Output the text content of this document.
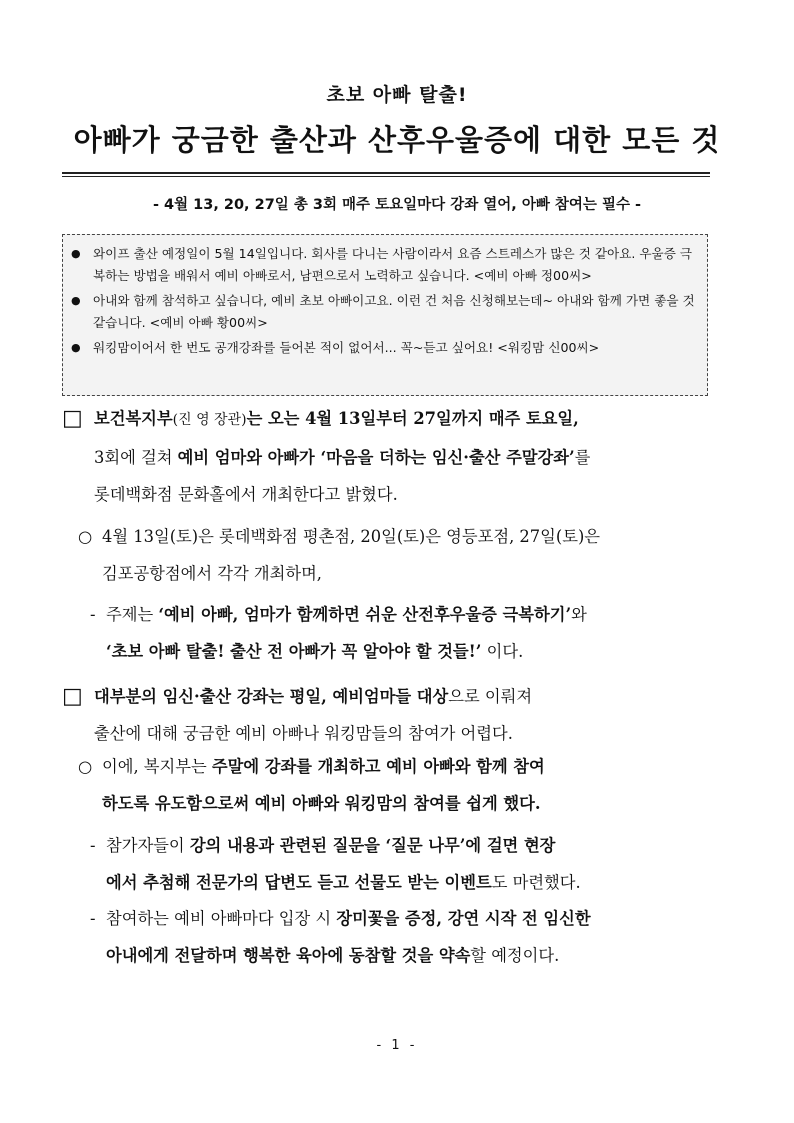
초보 아빠 탈출!
아빠가 궁금한 출산과 산후우울증에 대한 모든 것
- 4월 13, 20, 27일 총 3회 매주 토요일마다 강좌 열어, 아빠 참여는 필수 -
● 와이프 출산 예정일이 5월 14일입니다. 회사를 다니는 사람이라서 요즘 스트레스가 많은 것 같아요. 우울증 극복하는 방법을 배워서 예비 아빠로서, 남편으로서 노력하고 싶습니다. <예비 아빠 정00씨>
● 아내와 함께 참석하고 싶습니다, 예비 초보 아빠이고요. 이런 건 처음 신청해보는데~ 아내와 함께 가면 좋을 것 같습니다. <예비 아빠 황00씨>
● 워킹맘이어서 한 번도 공개강좌를 들어본 적이 없어서... 꼭~듣고 싶어요! <워킹맘 신00씨>
□ 보건복지부(진 영 장관)는 오는 4월 13일부터 27일까지 매주 토요일,
3회에 걸쳐 예비 엄마와 아빠가 ‘마음을 더하는 임신·출산 주말강좌’를
롯데백화점 문화홀에서 개최한다고 밝혔다.
○ 4월 13일(토)은 롯데백화점 평촌점, 20일(토)은 영등포점, 27일(토)은
김포공항점에서 각각 개최하며,
- 주제는 ‘예비 아빠, 엄마가 함께하면 쉬운 산전후우울증 극복하기’와
‘초보 아빠 탈출! 출산 전 아빠가 꼭 알아야 할 것들!’ 이다.
□ 대부분의 임신·출산 강좌는 평일, 예비엄마들 대상으로 이뤄져
출산에 대해 궁금한 예비 아빠나 워킹맘들의 참여가 어렵다.
○ 이에, 복지부는 주말에 강좌를 개최하고 예비 아빠와 함께 참여
하도록 유도함으로써 예비 아빠와 워킹맘의 참여를 쉽게 했다.
- 참가자들이 강의 내용과 관련된 질문을 ‘질문 나무’에 걸면 현장
에서 추첨해 전문가의 답변도 듣고 선물도 받는 이벤트도 마련했다.
- 참여하는 예비 아빠마다 입장 시 장미꽃을 증정, 강연 시작 전 임신한
아내에게 전달하며 행복한 육아에 동참할 것을 약속할 예정이다.
- 1 -
